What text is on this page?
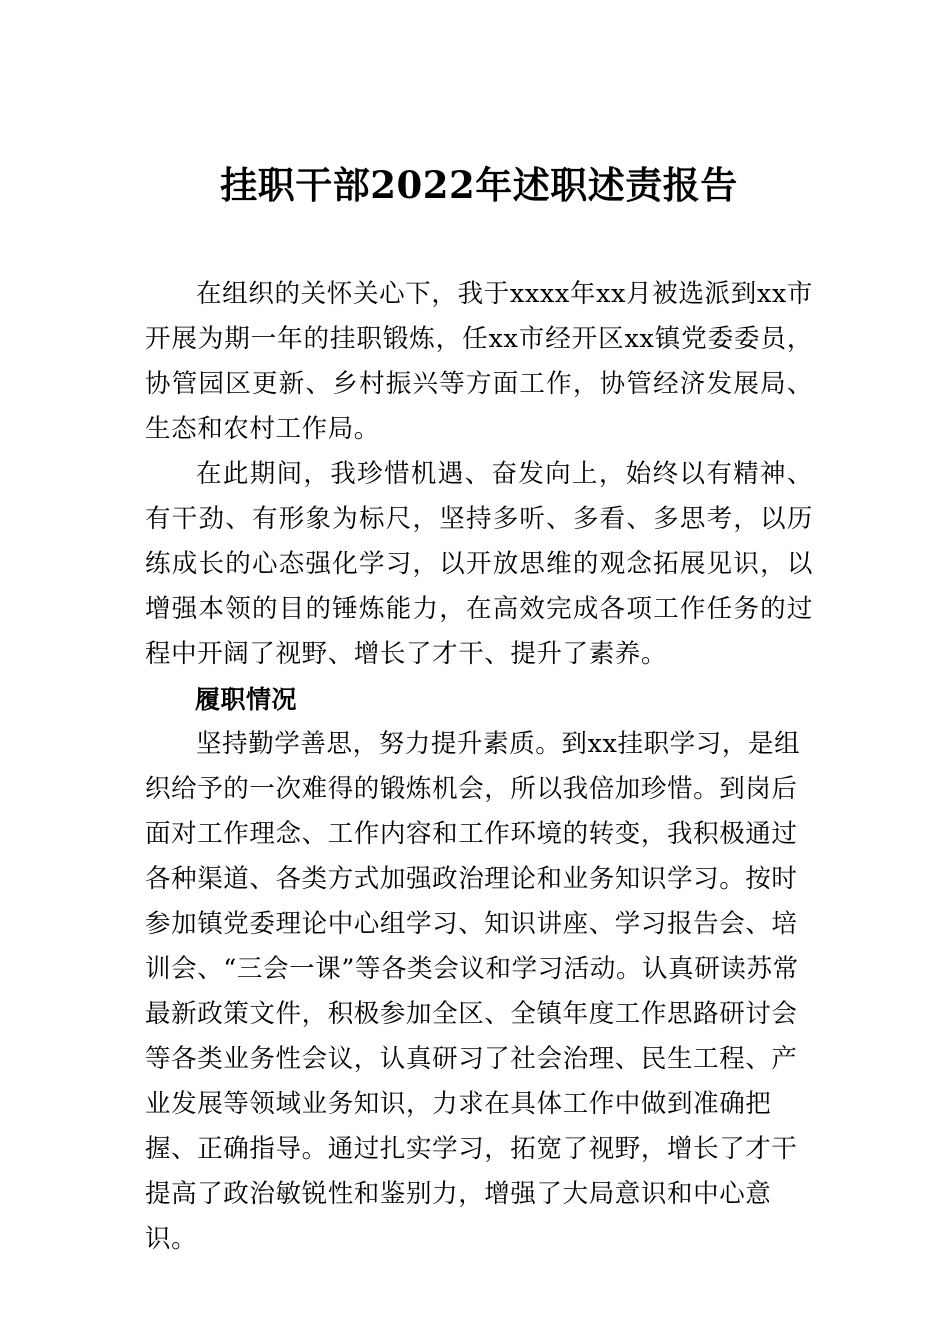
挂职干部2022年述职述责报告

在组织的关怀关心下，我于xxxx年xx月被选派到xx市开展为期一年的挂职锻炼，任xx市经开区xx镇党委委员，协管园区更新、乡村振兴等方面工作，协管经济发展局、生态和农村工作局。

在此期间，我珍惜机遇、奋发向上，始终以有精神、有干劲、有形象为标尺，坚持多听、多看、多思考，以历练成长的心态强化学习，以开放思维的观念拓展见识，以增强本领的目的锤炼能力，在高效完成各项工作任务的过程中开阔了视野、增长了才干、提升了素养。

履职情况

坚持勤学善思，努力提升素质。到xx挂职学习，是组织给予的一次难得的锻炼机会，所以我倍加珍惜。到岗后面对工作理念、工作内容和工作环境的转变，我积极通过各种渠道、各类方式加强政治理论和业务知识学习。按时参加镇党委理论中心组学习、知识讲座、学习报告会、培训会、“三会一课”等各类会议和学习活动。认真研读苏常最新政策文件，积极参加全区、全镇年度工作思路研讨会等各类业务性会议，认真研习了社会治理、民生工程、产业发展等领域业务知识，力求在具体工作中做到准确把握、正确指导。通过扎实学习，拓宽了视野，增长了才干提高了政治敏锐性和鉴别力，增强了大局意识和中心意识。
